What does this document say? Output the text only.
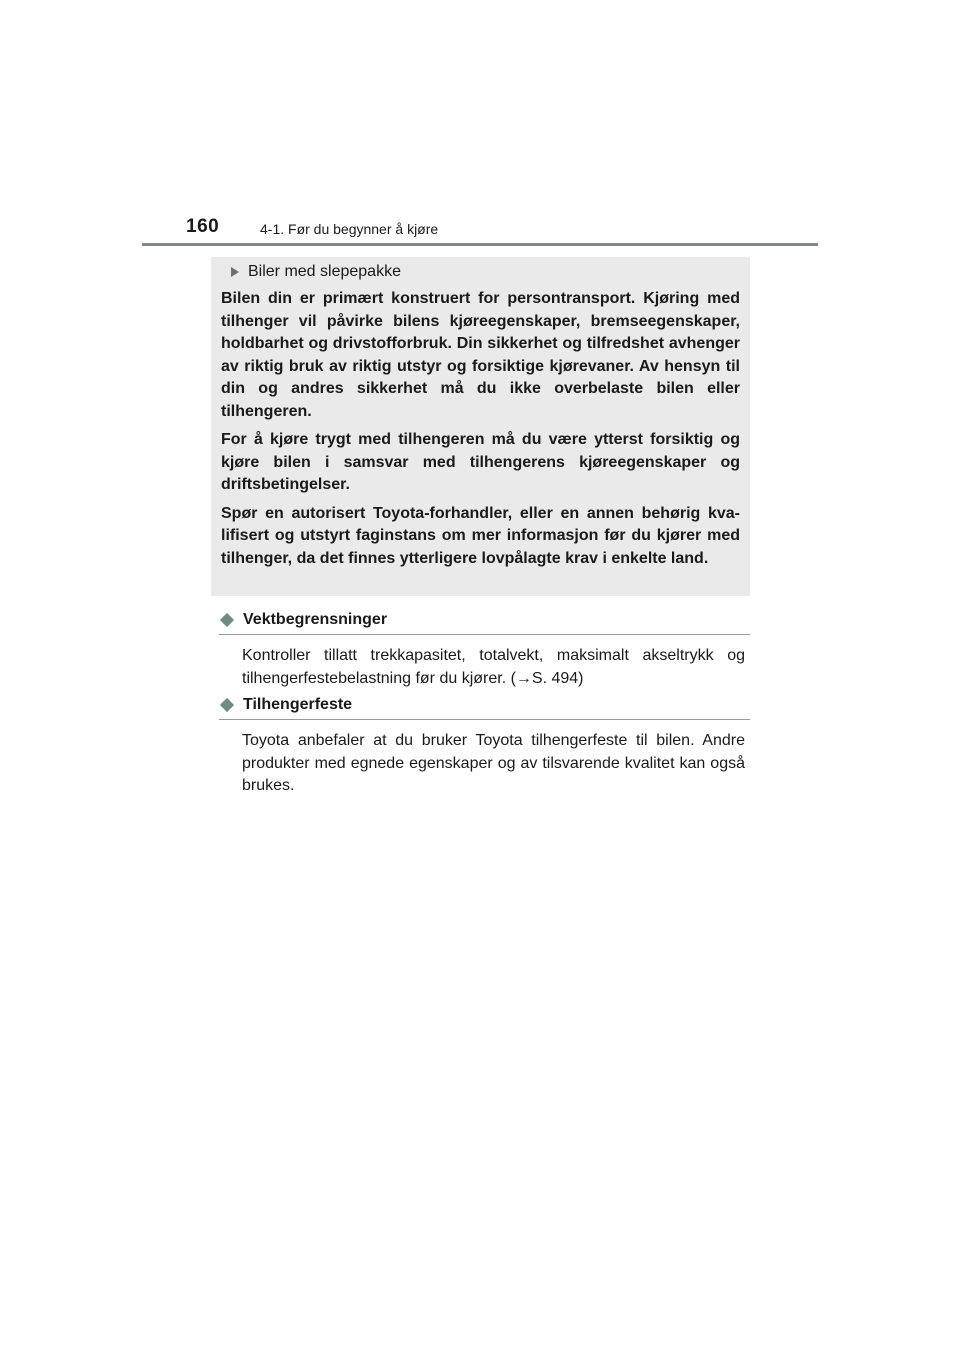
160	4-1. Før du begynner å kjøre
Biler med slepepakke

Bilen din er primært konstruert for persontransport. Kjøring med tilhenger vil påvirke bilens kjøreegenskaper, bremseegenskaper, holdbarhet og drivstofforbruk. Din sikkerhet og tilfredshet avhenger av riktig bruk av riktig utstyr og forsiktige kjørevaner. Av hensyn til din og andres sikkerhet må du ikke overbelaste bilen eller tilhengeren.

For å kjøre trygt med tilhengeren må du være ytterst forsiktig og kjøre bilen i samsvar med tilhengerens kjøreegenskaper og driftsbetingelser.

Spør en autorisert Toyota-forhandler, eller en annen behørig kva-lifisert og utstyrt faginstans om mer informasjon før du kjører med tilhenger, da det finnes ytterligere lovpålagte krav i enkelte land.

Vektbegrensninger
Kontroller tillatt trekkapasitet, totalvekt, maksimalt akseltrykk og tilhengerfestebelastning før du kjører. (→S. 494)
Tilhengerfeste
Toyota anbefaler at du bruker Toyota tilhengerfeste til bilen. Andre produkter med egnede egenskaper og av tilsvarende kvalitet kan også brukes.
